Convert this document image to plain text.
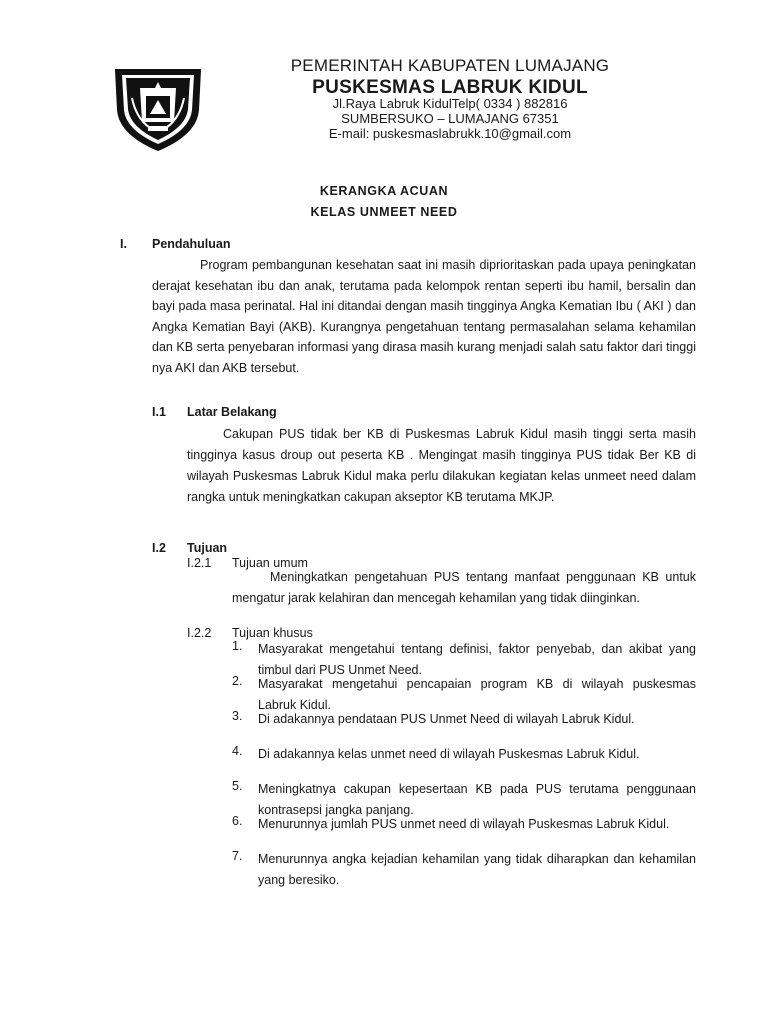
PEMERINTAH KABUPATEN LUMAJANG
PUSKESMAS LABRUK KIDUL
Jl.Raya Labruk KidulTelp( 0334 ) 882816
SUMBERSUKO – LUMAJANG 67351
E-mail: puskesmaslabrukk.10@gmail.com
KERANGKA ACUAN
KELAS UNMEET NEED
I. Pendahuluan

Program pembangunan kesehatan saat ini masih diprioritaskan pada upaya peningkatan derajat kesehatan ibu dan anak, terutama pada kelompok rentan seperti ibu hamil, bersalin dan bayi pada masa perinatal. Hal ini ditandai dengan masih tingginya Angka Kematian Ibu ( AKI ) dan Angka Kematian Bayi (AKB). Kurangnya pengetahuan tentang permasalahan selama kehamilan dan KB serta penyebaran informasi yang dirasa masih kurang menjadi salah satu faktor dari tinggi nya AKI dan AKB tersebut.

I.1 Latar Belakang

Cakupan PUS tidak ber KB di Puskesmas Labruk Kidul masih tinggi serta masih tingginya kasus droup out peserta KB . Mengingat masih tingginya PUS tidak Ber KB di wilayah Puskesmas Labruk Kidul maka perlu dilakukan kegiatan kelas unmeet need dalam rangka untuk meningkatkan cakupan akseptor KB terutama MKJP.

I.2 Tujuan
I.2.1 Tujuan umum

Meningkatkan pengetahuan PUS tentang manfaat penggunaan KB untuk mengatur jarak kelahiran dan mencegah kehamilan yang tidak diinginkan.

I.2.2 Tujuan khusus
1. Masyarakat mengetahui tentang definisi, faktor penyebab, dan akibat yang timbul dari PUS Unmet Need.
2. Masyarakat mengetahui pencapaian program KB di wilayah puskesmas Labruk Kidul.
3. Di adakannya pendataan PUS Unmet Need di wilayah Labruk Kidul.
4. Di adakannya kelas unmet need di wilayah Puskesmas Labruk Kidul.
5. Meningkatnya cakupan kepesertaan KB pada PUS terutama penggunaan kontrasepsi jangka panjang.
6. Menurunnya jumlah PUS unmet need di wilayah Puskesmas Labruk Kidul.
7. Menurunnya angka kejadian kehamilan yang tidak diharapkan dan kehamilan yang beresiko.
